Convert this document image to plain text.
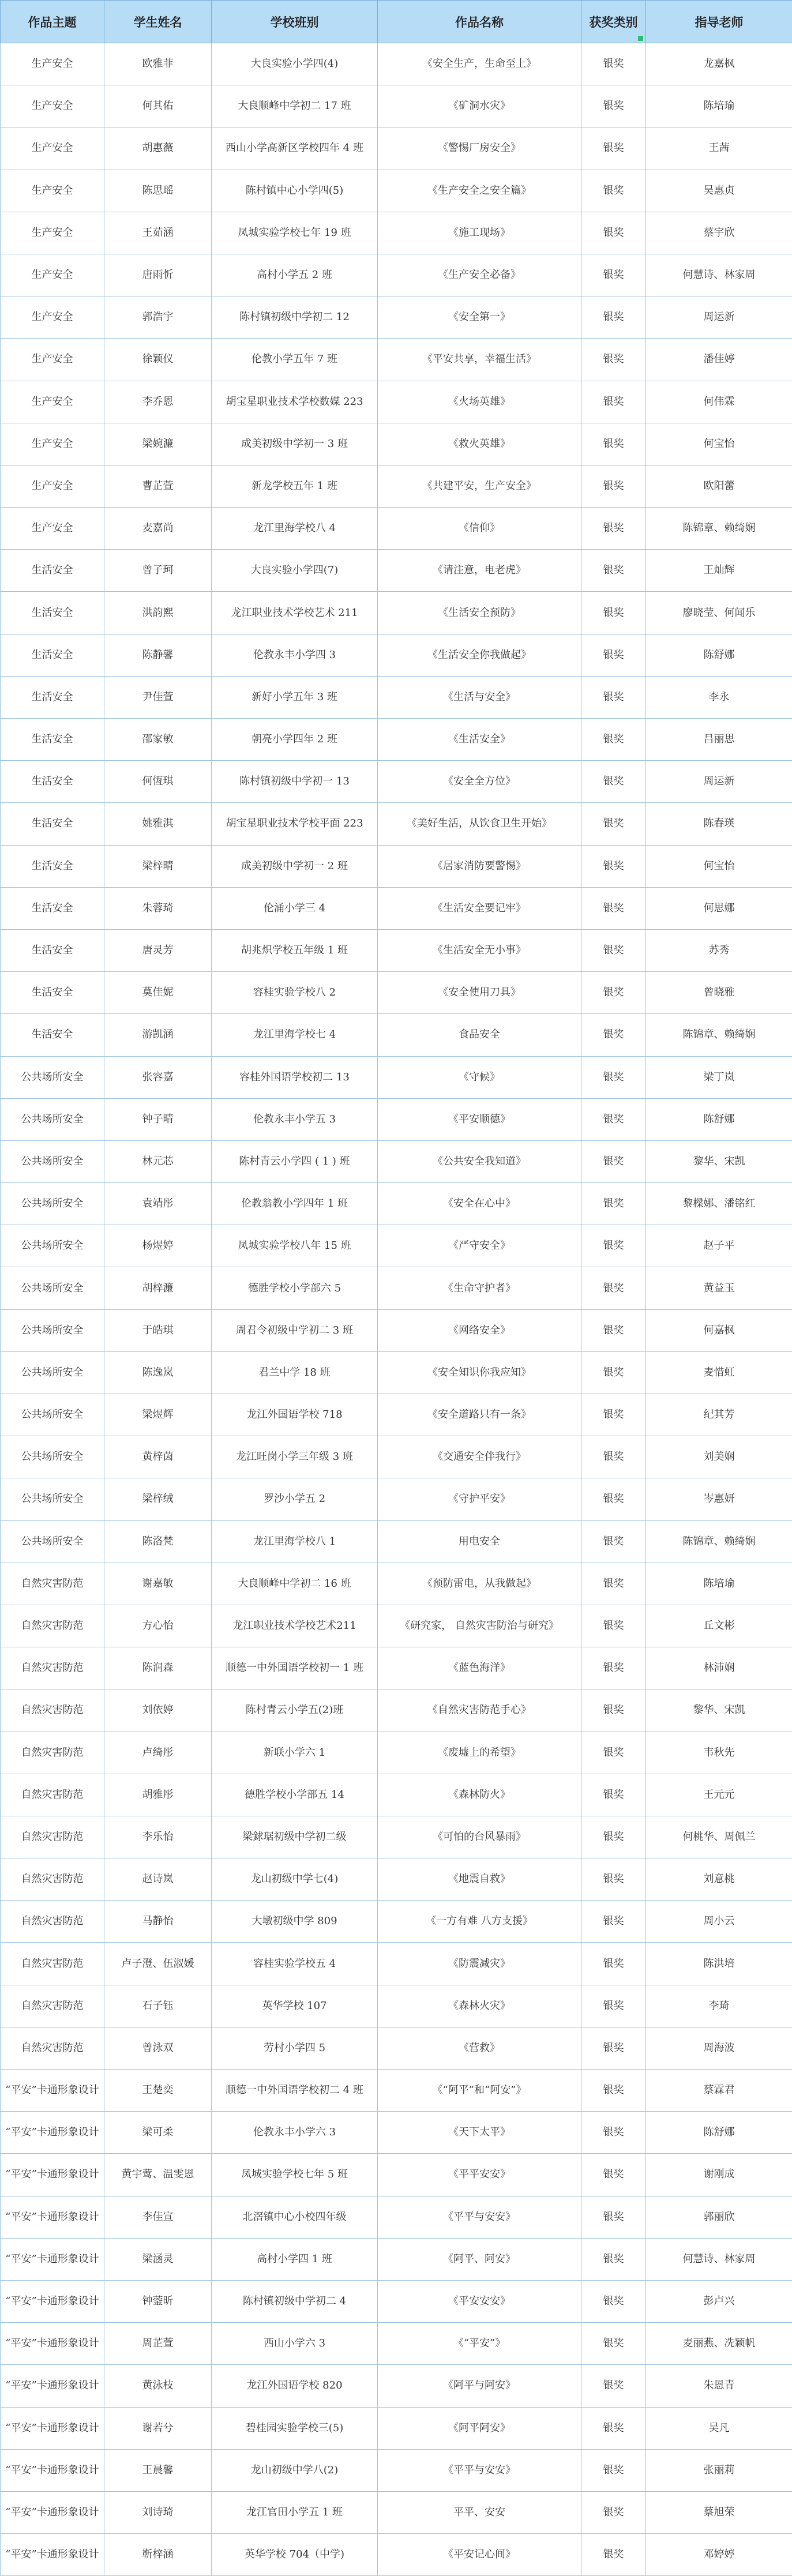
作品主题	学生姓名	学校班别	作品名称	获奖类别	指导老师
生产安全	欧雅菲	大良实验小学四(4)	《安全生产，生命至上》	银奖	龙嘉枫
生产安全	何其佑	大良顺峰中学初二 17 班	《矿洞水灾》	银奖	陈培瑜
生产安全	胡惠薇	西山小学高新区学校四年 4 班	《警惕厂房安全》	银奖	王茜
生产安全	陈思瑶	陈村镇中心小学四(5)	《生产安全之安全篇》	银奖	吴惠贞
生产安全	王茹涵	凤城实验学校七年 19 班	《施工现场》	银奖	蔡宇欣
生产安全	唐雨忻	高村小学五 2 班	《生产安全必备》	银奖	何慧诗、林家周
生产安全	郭浩宇	陈村镇初级中学初二 12	《安全第一》	银奖	周运新
生产安全	徐颖仪	伦教小学五年 7 班	《平安共享，幸福生活》	银奖	潘佳婷
生产安全	李乔恩	胡宝星职业技术学校数媒 223	《火场英雄》	银奖	何伟霖
生产安全	梁婉濂	成美初级中学初一 3 班	《救火英雄》	银奖	何宝怡
生产安全	曹芷萱	新龙学校五年 1 班	《共建平安，生产安全》	银奖	欧阳蕾
生产安全	麦嘉尚	龙江里海学校八 4	《信仰》	银奖	陈锦章、赖绮娴
生活安全	曾子珂	大良实验小学四(7)	《请注意，电老虎》	银奖	王灿辉
生活安全	洪韵熙	龙江职业技术学校艺术 211	《生活安全预防》	银奖	廖晓莹、何闻乐
生活安全	陈静馨	伦教永丰小学四 3	《生活安全你我做起》	银奖	陈舒娜
生活安全	尹佳萱	新好小学五年 3 班	《生活与安全》	银奖	李永
生活安全	邵家敏	朝亮小学四年 2 班	《生活安全》	银奖	吕丽思
生活安全	何恆琪	陈村镇初级中学初一 13	《安全全方位》	银奖	周运新
生活安全	姚雅淇	胡宝星职业技术学校平面 223	《美好生活，从饮食卫生开始》	银奖	陈春瑛
生活安全	梁梓晴	成美初级中学初一 2 班	《居家消防要警惕》	银奖	何宝怡
生活安全	朱蓉琦	伦涌小学三 4	《生活安全要记牢》	银奖	何思娜
生活安全	唐灵芳	胡兆炽学校五年级 1 班	《生活安全无小事》	银奖	苏秀
生活安全	莫佳妮	容桂实验学校八 2	《安全使用刀具》	银奖	曾晓雅
生活安全	游凯涵	龙江里海学校七 4	食品安全	银奖	陈锦章、赖绮娴
公共场所安全	张容嘉	容桂外国语学校初二 13	《守候》	银奖	梁丁岚
公共场所安全	钟子晴	伦教永丰小学五 3	《平安顺德》	银奖	陈舒娜
公共场所安全	林元芯	陈村青云小学四 ( 1 ) 班	《公共安全我知道》	银奖	黎华、宋凯
公共场所安全	袁靖彤	伦教翁教小学四年 1 班	《安全在心中》	银奖	黎樑娜、潘铭红
公共场所安全	杨煜婷	凤城实验学校八年 15 班	《严守安全》	银奖	赵子平
公共场所安全	胡梓濂	德胜学校小学部六 5	《生命守护者》	银奖	黄益玉
公共场所安全	于皓琪	周君令初级中学初二 3 班	《网络安全》	银奖	何嘉枫
公共场所安全	陈逸岚	君兰中学 18 班	《安全知识你我应知》	银奖	麦惜虹
公共场所安全	梁煜辉	龙江外国语学校 718	《安全道路只有一条》	银奖	纪其芳
公共场所安全	黄梓茵	龙江旺岗小学三年级 3 班	《交通安全伴我行》	银奖	刘美娴
公共场所安全	梁梓绒	罗沙小学五 2	《守护平安》	银奖	岑惠妍
公共场所安全	陈洛梵	龙江里海学校八 1	用电安全	银奖	陈锦章、赖绮娴
自然灾害防范	谢嘉敏	大良顺峰中学初二 16 班	《预防雷电，从我做起》	银奖	陈培瑜
自然灾害防范	方心怡	龙江职业技术学校艺术211	《研究家， 自然灾害防治与研究》	银奖	丘文彬
自然灾害防范	陈润森	顺德一中外国语学校初一 1 班	《蓝色海洋》	银奖	林沛娴
自然灾害防范	刘依婷	陈村青云小学五(2)班	《自然灾害防范手心》	银奖	黎华、宋凯
自然灾害防范	卢绮彤	新联小学六 1	《废墟上的希望》	银奖	韦秋先
自然灾害防范	胡雅彤	德胜学校小学部五 14	《森林防火》	银奖	王元元
自然灾害防范	李乐怡	梁銶琚初级中学初二级	《可怕的台风暴雨》	银奖	何桃华、周佩兰
自然灾害防范	赵诗岚	龙山初级中学七(4)	《地震自救》	银奖	刘意桃
自然灾害防范	马静怡	大墩初级中学 809	《一方有难 八方支援》	银奖	周小云
自然灾害防范	卢子澄、伍淑媛	容桂实验学校五 4	《防震减灾》	银奖	陈洪培
自然灾害防范	石子钰	英华学校 107	《森林火灾》	银奖	李琦
自然灾害防范	曾泳双	劳村小学四 5	《营救》	银奖	周海波
“平安”卡通形象设计	王楚奕	顺德一中外国语学校初二 4 班	《“阿平”和“阿安”》	银奖	蔡霖君
“平安”卡通形象设计	梁可柔	伦教永丰小学六 3	《天下太平》	银奖	陈舒娜
“平安”卡通形象设计	黄宇莺、温雯恩	凤城实验学校七年 5 班	《平平安安》	银奖	谢刚成
“平安”卡通形象设计	李佳宣	北滘镇中心小校四年级	《平平与安安》	银奖	郭丽欣
“平安”卡通形象设计	梁涵灵	高村小学四 1 班	《阿平、阿安》	银奖	何慧诗、林家周
“平安”卡通形象设计	钟蓥昕	陈村镇初级中学初二 4	《平安安安》	银奖	彭卢兴
“平安”卡通形象设计	周芷萱	西山小学六 3	《“平安”》	银奖	麦丽燕、冼颖帆
“平安”卡通形象设计	黄泳枝	龙江外国语学校 820	《阿平与阿安》	银奖	朱恩青
“平安”卡通形象设计	谢若兮	碧桂园实验学校三(5)	《阿平阿安》	银奖	吴凡
“平安”卡通形象设计	王晨馨	龙山初级中学八(2)	《平平与安安》	银奖	张丽莉
“平安”卡通形象设计	刘诗琦	龙江官田小学五 1 班	平平、安安	银奖	蔡旭荣
“平安”卡通形象设计	靳梓涵	英华学校 704（中学)	《平安记心间》	银奖	邓婷婷
